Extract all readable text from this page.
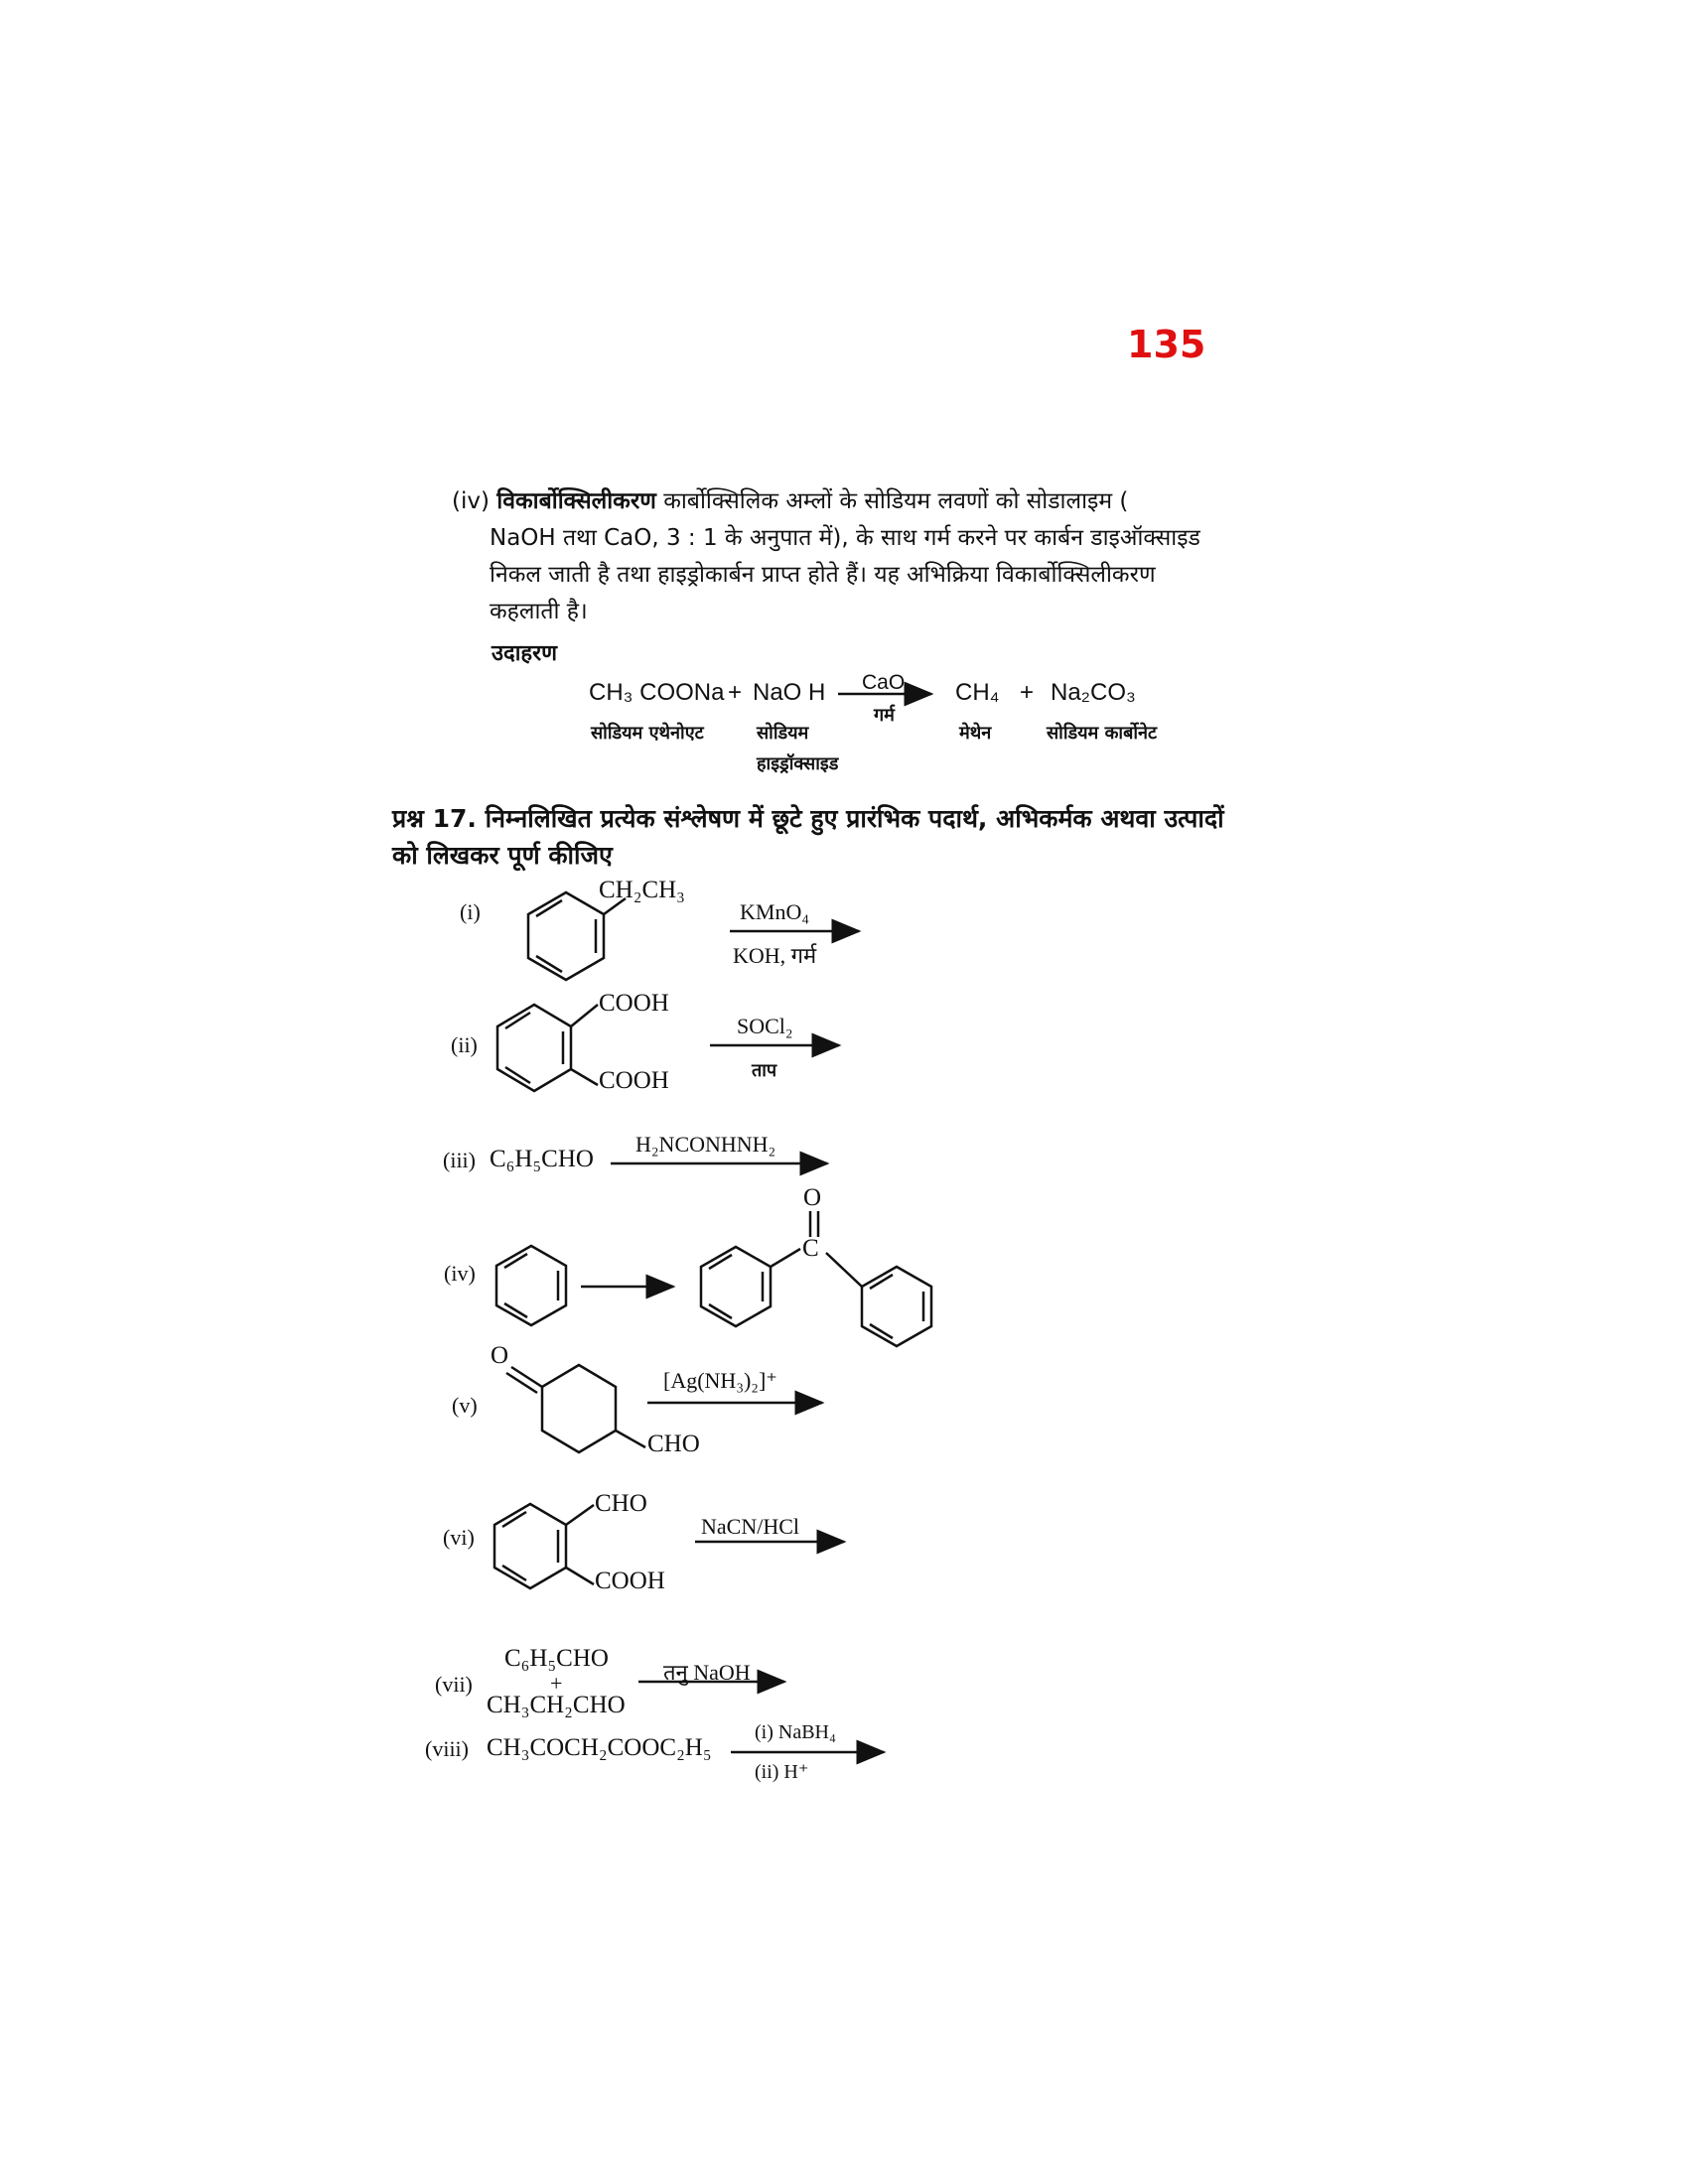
135
(iv) विकार्बोक्सिलीकरण कार्बोक्सिलिक अम्लों के सोडियम लवणों को सोडालाइम (
NaOH तथा CaO, 3 : 1 के अनुपात में), के साथ गर्म करने पर कार्बन डाइऑक्साइड
निकल जाती है तथा हाइड्रोकार्बन प्राप्त होते हैं। यह अभिक्रिया विकार्बोक्सिलीकरण
कहलाती है।
उदाहरण
CH₃ COONa + NaO H CaO
गर्म
CH₄ + Na₂CO₃
सोडियम एथेनोएट	सोडियम
हाइड्रॉक्साइड
मेथेन	सोडियम कार्बोनेट
प्रश्न 17. निम्नलिखित प्रत्येक संश्लेषण में छूटे हुए प्रारंभिक पदार्थ, अभिकर्मक अथवा उत्पादों
को लिखकर पूर्ण कीजिए
(i)
CH₂CH₃
KMnO₄
KOH, गर्म
(ii)
COOH
COOH
SOCl₂
ताप
(iii) C₆H₅CHO
H₂NCONHNH₂
(iv)
O
C
(v)
O
CHO
[Ag(NH₃)₂]⁺
(vi)
CHO
COOH
NaCN/HCl
(vii)
C₆H₅CHO
+
CH₃CH₂CHO
तनु NaOH
(viii) CH₃COCH₂COOC₂H₅
(i) NaBH₄
(ii) H⁺
